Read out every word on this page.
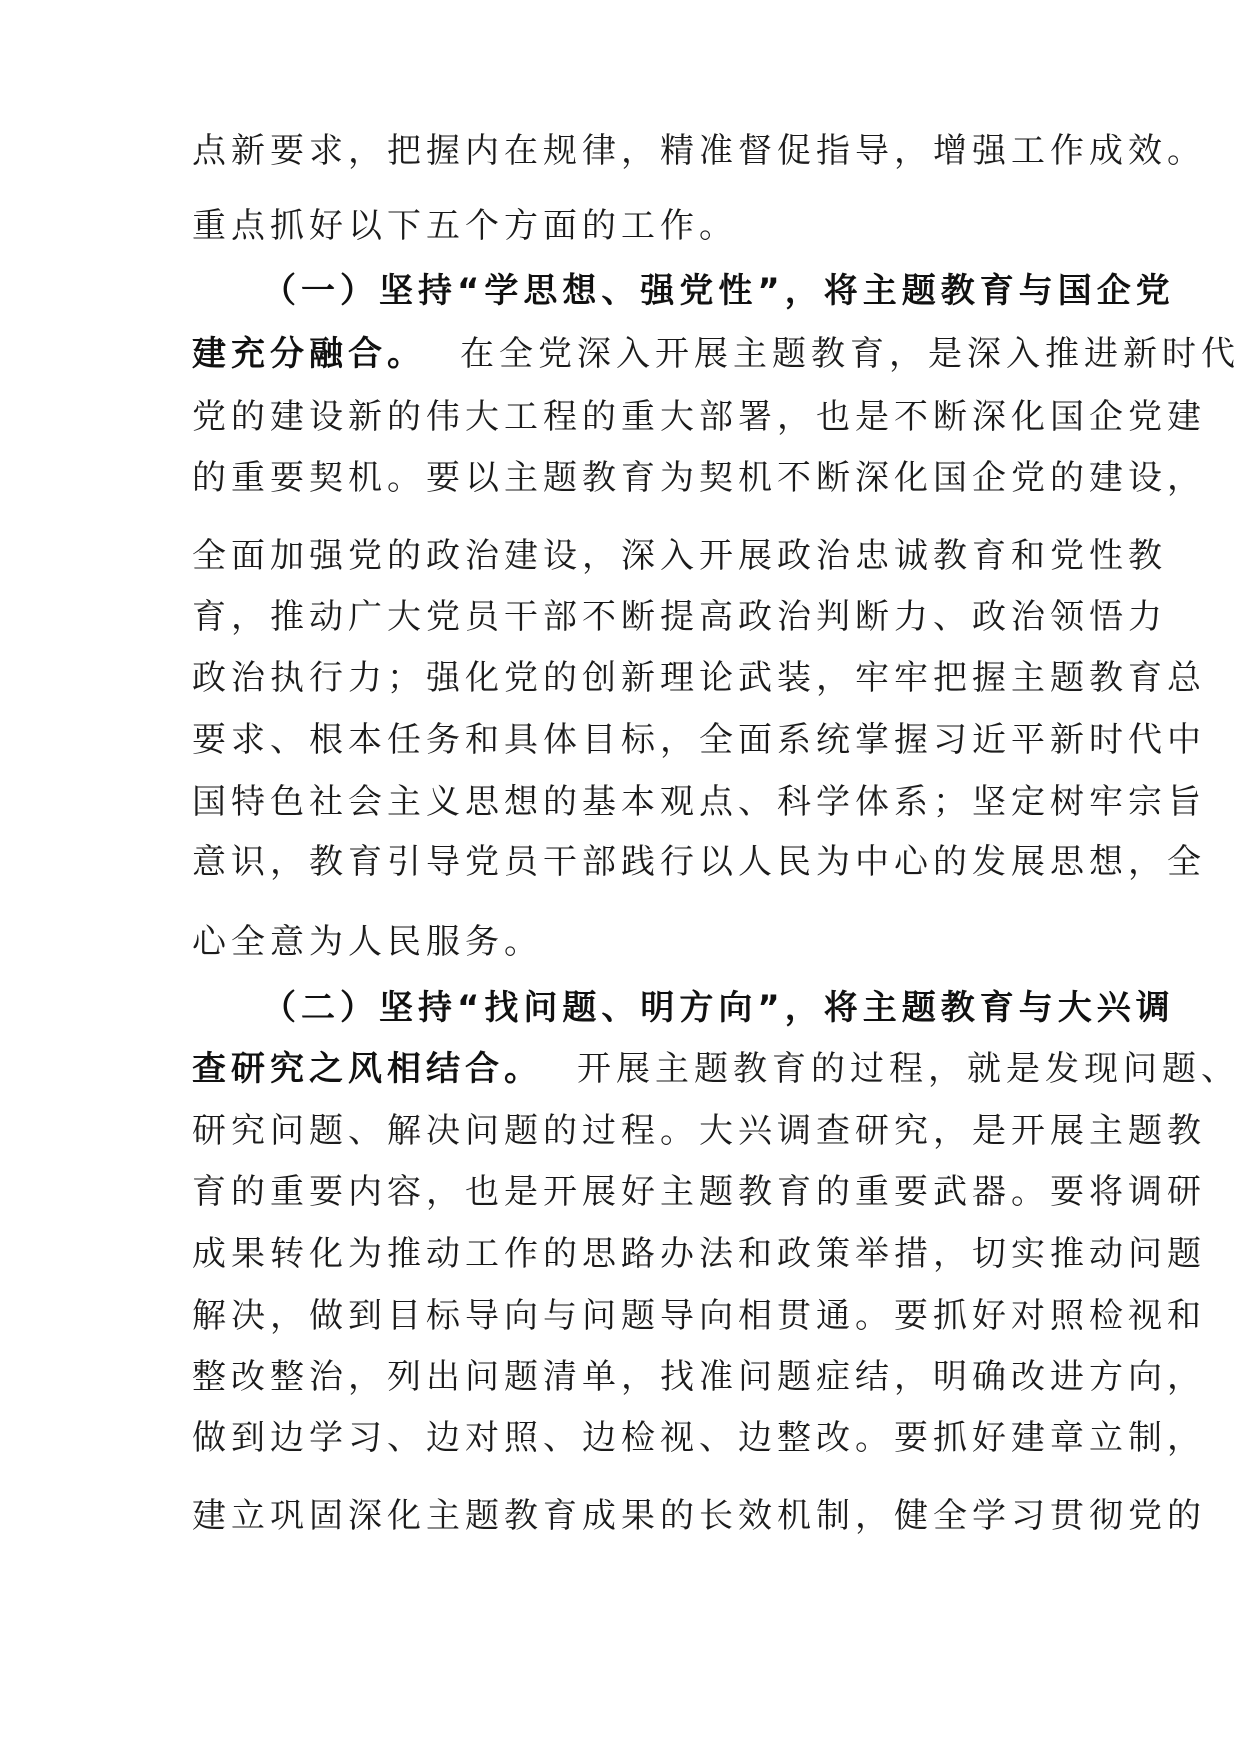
点新要求，把握内在规律，精准督促指导，增强工作成效。
重点抓好以下五个方面的工作。
（一）坚持“学思想、强党性”，将主题教育与国企党
建充分融合。 在全党深入开展主题教育，是深入推进新时代
党的建设新的伟大工程的重大部署，也是不断深化国企党建
的重要契机。要以主题教育为契机不断深化国企党的建设，
全面加强党的政治建设，深入开展政治忠诚教育和党性教
育，推动广大党员干部不断提高政治判断力、政治领悟力
政治执行力；强化党的创新理论武装，牢牢把握主题教育总
要求、根本任务和具体目标，全面系统掌握习近平新时代中
国特色社会主义思想的基本观点、科学体系；坚定树牢宗旨
意识，教育引导党员干部践行以人民为中心的发展思想，全
心全意为人民服务。
（二）坚持“找问题、明方向”，将主题教育与大兴调
查研究之风相结合。 开展主题教育的过程，就是发现问题、
研究问题、解决问题的过程。大兴调查研究，是开展主题教
育的重要内容，也是开展好主题教育的重要武器。要将调研
成果转化为推动工作的思路办法和政策举措，切实推动问题
解决，做到目标导向与问题导向相贯通。要抓好对照检视和
整改整治，列出问题清单，找准问题症结，明确改进方向，
做到边学习、边对照、边检视、边整改。要抓好建章立制，
建立巩固深化主题教育成果的长效机制，健全学习贯彻党的
